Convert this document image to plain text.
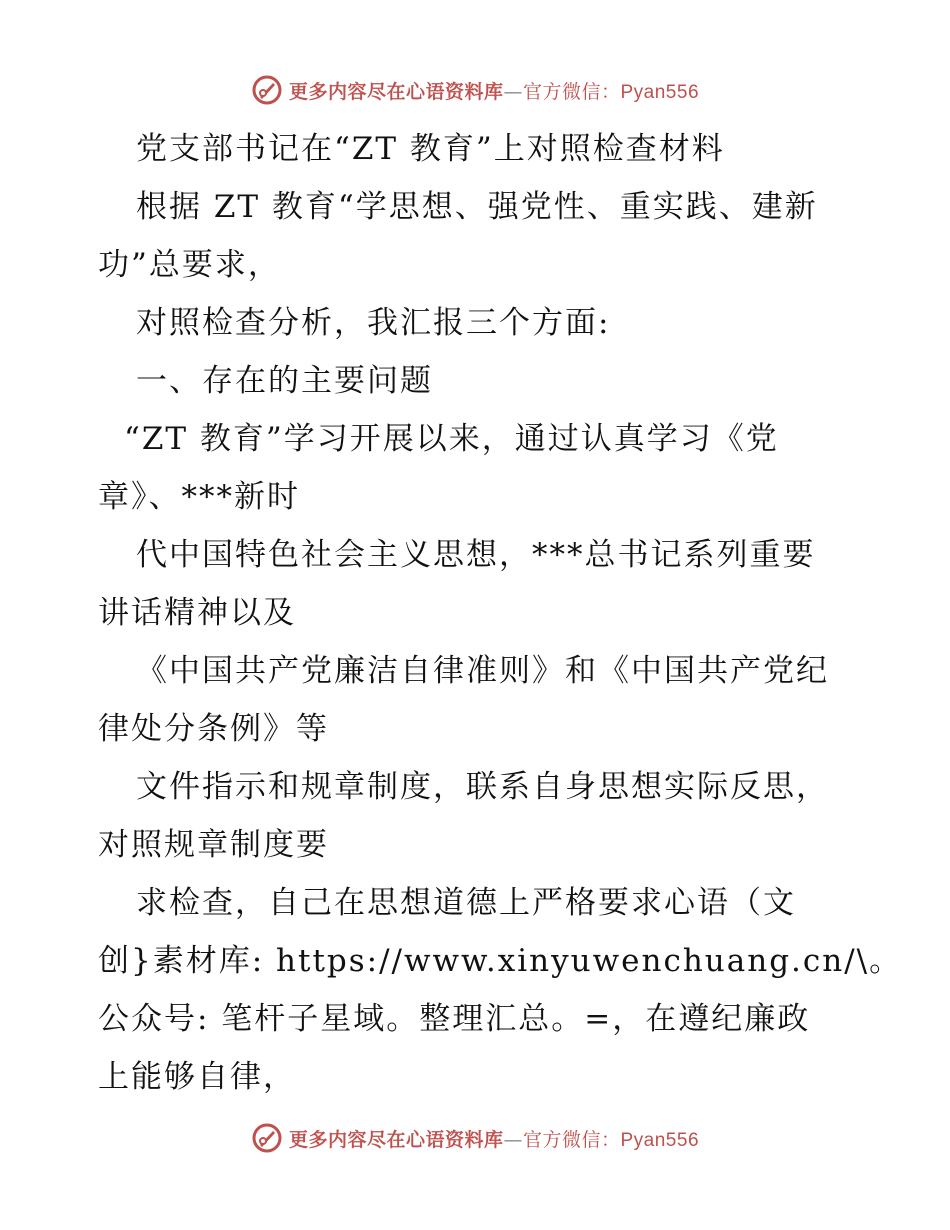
更多内容尽在心语资料库—官方微信：Pyan556
党支部书记在“ZT 教育”上对照检查材料
根据 ZT 教育“学思想、强党性、重实践、建新
功”总要求，
对照检查分析，我汇报三个方面:
一、存在的主要问题
“ZT 教育”学习开展以来，通过认真学习《党
章》、***新时
代中国特色社会主义思想，***总书记系列重要
讲话精神以及
《中国共产党廉洁自律准则》和《中国共产党纪
律处分条例》等
文件指示和规章制度，联系自身思想实际反思，
对照规章制度要
求检查，自己在思想道德上严格要求心语（文
创}素材库: https://www.xinyuwenchuang.cn/\。
公众号: 笔杆子星域。整理汇总。=，在遵纪廉政
上能够自律，
更多内容尽在心语资料库—官方微信：Pyan556
